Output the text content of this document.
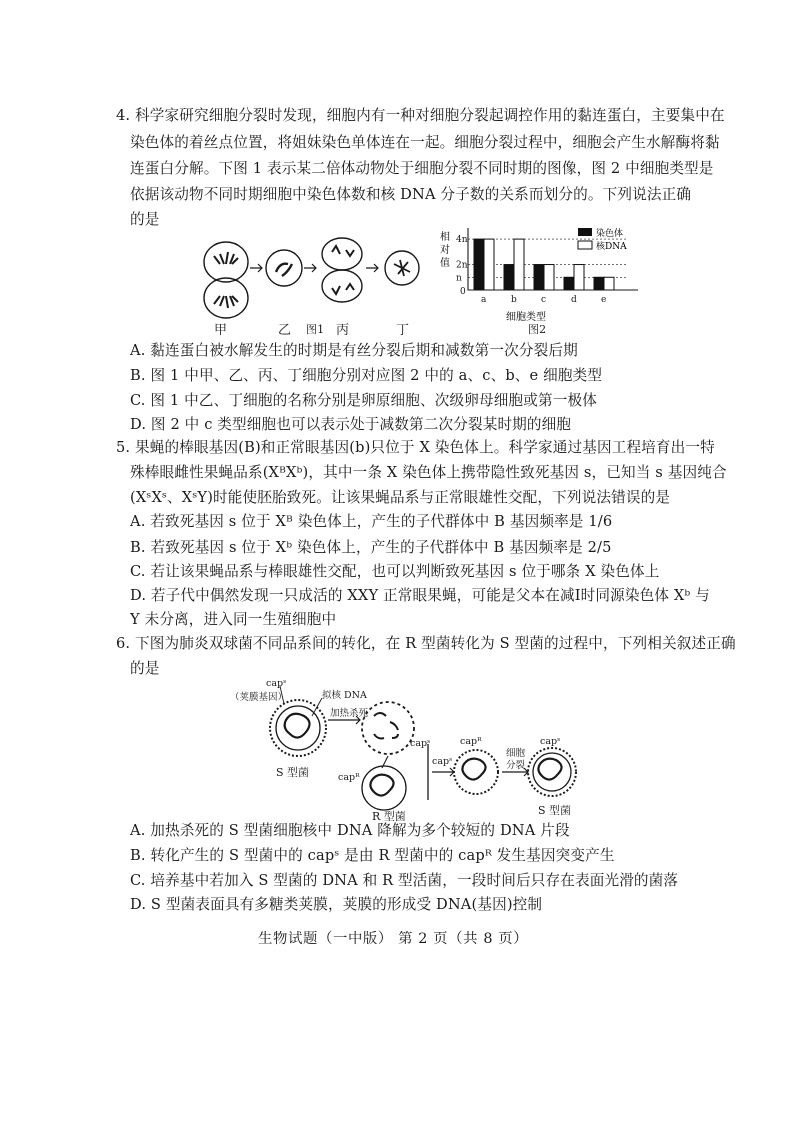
4. 科学家研究细胞分裂时发现，细胞内有一种对细胞分裂起调控作用的黏连蛋白，主要集中在
染色体的着丝点位置，将姐妹染色单体连在一起。细胞分裂过程中，细胞会产生水解酶将黏
连蛋白分解。下图 1 表示某二倍体动物处于细胞分裂不同时期的图像，图 2 中细胞类型是
依据该动物不同时期细胞中染色体数和核 DNA 分子数的关系而划分的。下列说法正确
的是
甲	乙	丙	丁
图1
4n
2n
n
0
a	b	c	d	e
相
对
值
染色体
核DNA
细胞类型
图2
A. 黏连蛋白被水解发生的时期是有丝分裂后期和减数第一次分裂后期
B. 图 1 中甲、乙、丙、丁细胞分别对应图 2 中的 a、c、b、e 细胞类型
C. 图 1 中乙、丁细胞的名称分别是卵原细胞、次级卵母细胞或第一极体
D. 图 2 中 c 类型细胞也可以表示处于减数第二次分裂某时期的细胞
5. 果蝇的棒眼基因(B)和正常眼基因(b)只位于 X 染色体上。科学家通过基因工程培育出一特
殊棒眼雌性果蝇品系(XᴮXᵇ)，其中一条 X 染色体上携带隐性致死基因 s，已知当 s 基因纯合
(XˢXˢ、XˢY)时能使胚胎致死。让该果蝇品系与正常眼雄性交配，下列说法错误的是
A. 若致死基因 s 位于 Xᴮ 染色体上，产生的子代群体中 B 基因频率是 1/6
B. 若致死基因 s 位于 Xᵇ 染色体上，产生的子代群体中 B 基因频率是 2/5
C. 若让该果蝇品系与棒眼雄性交配，也可以判断致死基因 s 位于哪条 X 染色体上
D. 若子代中偶然发现一只成活的 XXY 正常眼果蝇，可能是父本在减Ⅰ时同源染色体 Xᵇ 与
Y 未分离，进入同一生殖细胞中
6. 下图为肺炎双球菌不同品系间的转化，在 R 型菌转化为 S 型菌的过程中，下列相关叙述正确
的是
capˢ
（荚膜基因）	拟核 DNA
加热杀死
S 型菌
capˢ
capᴿ
R 型菌
capˢ
capᴿ
细胞
分裂
capˢ
S 型菌
A. 加热杀死的 S 型菌细胞核中 DNA 降解为多个较短的 DNA 片段
B. 转化产生的 S 型菌中的 capˢ 是由 R 型菌中的 capᴿ 发生基因突变产生
C. 培养基中若加入 S 型菌的 DNA 和 R 型活菌，一段时间后只存在表面光滑的菌落
D. S 型菌表面具有多糖类荚膜，荚膜的形成受 DNA(基因)控制
生物试题（一中版） 第 2 页（共 8 页）
